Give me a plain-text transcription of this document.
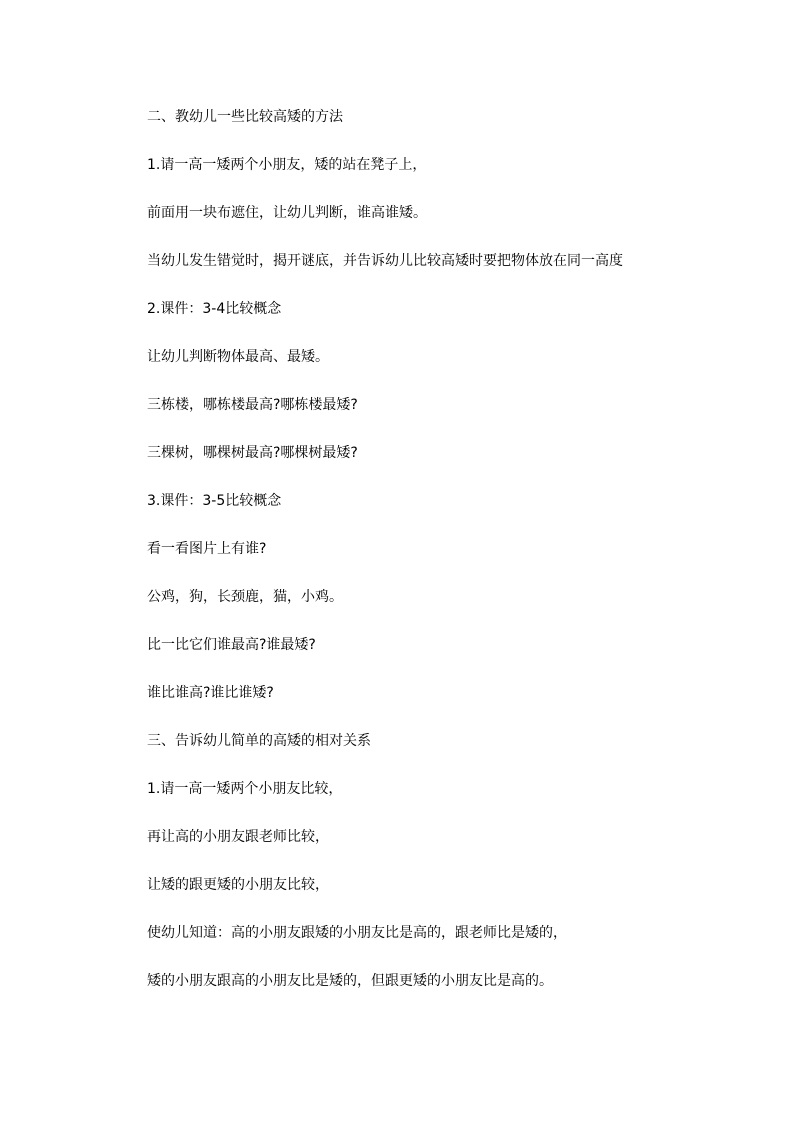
二、教幼儿一些比较高矮的方法
1.请一高一矮两个小朋友，矮的站在凳子上，
前面用一块布遮住，让幼儿判断，谁高谁矮。
当幼儿发生错觉时，揭开谜底，并告诉幼儿比较高矮时要把物体放在同一高度
2.课件：3-4比较概念
让幼儿判断物体最高、最矮。
三栋楼，哪栋楼最高?哪栋楼最矮?
三棵树，哪棵树最高?哪棵树最矮?
3.课件：3-5比较概念
看一看图片上有谁?
公鸡，狗，长颈鹿，猫，小鸡。
比一比它们谁最高?谁最矮?
谁比谁高?谁比谁矮?
三、告诉幼儿简单的高矮的相对关系
1.请一高一矮两个小朋友比较，
再让高的小朋友跟老师比较，
让矮的跟更矮的小朋友比较，
使幼儿知道：高的小朋友跟矮的小朋友比是高的，跟老师比是矮的，
矮的小朋友跟高的小朋友比是矮的，但跟更矮的小朋友比是高的。
